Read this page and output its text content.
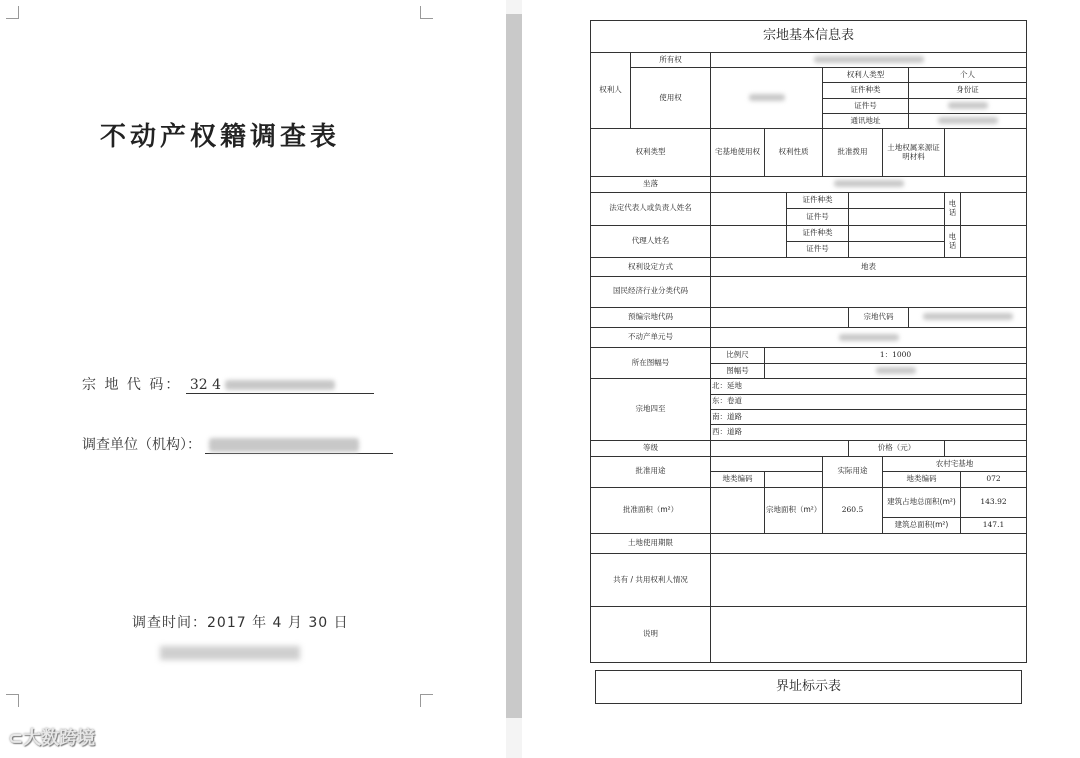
不动产权籍调查表
宗 地 代 码： 32 4
调查单位（机构）：
调查时间：2017 年 4 月 30 日
⊂大数跨境
宗地基本信息表										
权利人	所有权									
	使用权				权利人类型			个人		
					证件种类			身份证		
					证件号					
					通讯地址					
权利类型		宅基地使用权	权利性质		批准拨用		土地权属来源证明材料			
坐落										
法定代表人或负责人姓名				证件种类					电话	
				证件号						
代理人姓名				证件种类					电话	
				证件号						
权利设定方式		地表								
国民经济行业分类代码										
预编宗地代码						宗地代码				
不动产单元号										
所在图幅号		比例尺	1：1000							
		图幅号								
宗地四至		北：延地								
		东：卷道								
		南：道路								
		西：道路								
等级						价格（元）				
批准用途					实际用途		农村宅基地			
		地类编码					地类编码			072
批准面积（m²）			宗地面积（m²）		260.5		建筑占地总面积(m²)			143.92
							建筑总面积(m²)			147.1
土地使用期限										
共有 / 共用权利人情况										
说明										
界址标示表
